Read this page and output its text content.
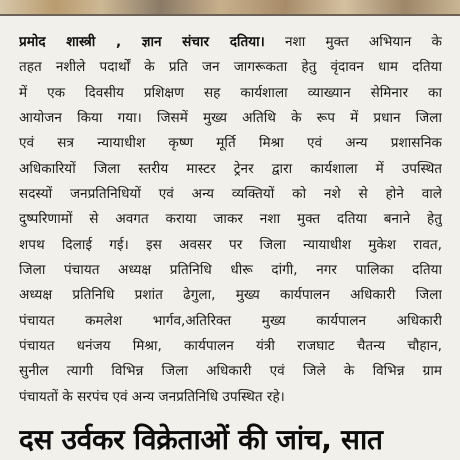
प्रमोद शास्त्री , ज्ञान संचार दतिया। नशा मुक्त अभियान के
तहत नशीले पदार्थों के प्रति जन जागरूकता हेतु वृंदावन धाम दतिया
में एक दिवसीय प्रशिक्षण सह कार्यशाला व्याख्यान सेमिनार का
आयोजन किया गया। जिसमें मुख्य अतिथि के रूप में प्रधान जिला
एवं सत्र न्यायाधीश कृष्ण मूर्ति मिश्रा एवं अन्य प्रशासनिक
अधिकारियों जिला स्तरीय मास्टर ट्रेनर द्वारा कार्यशाला में उपस्थित
सदस्यों जनप्रतिनिधियों एवं अन्य व्यक्तियों को नशे से होने वाले
दुष्परिणामों से अवगत कराया जाकर नशा मुक्त दतिया बनाने हेतु
शपथ दिलाई गई। इस अवसर पर जिला न्यायाधीश मुकेश रावत,
जिला पंचायत अध्यक्ष प्रतिनिधि धीरू दांगी, नगर पालिका दतिया
अध्यक्ष प्रतिनिधि प्रशांत ढेगुला, मुख्य कार्यपालन अधिकारी जिला
पंचायत कमलेश भार्गव,अतिरिक्त मुख्य कार्यपालन अधिकारी
पंचायत धनंजय मिश्रा, कार्यपालन यंत्री राजघाट चैतन्य चौहान,
सुनील त्यागी विभिन्न जिला अधिकारी एवं जिले के विभिन्न ग्राम
पंचायतों के सरपंच एवं अन्य जनप्रतिनिधि उपस्थित रहे।
दस उर्वकर विक्रेताओं की जांच, सात
